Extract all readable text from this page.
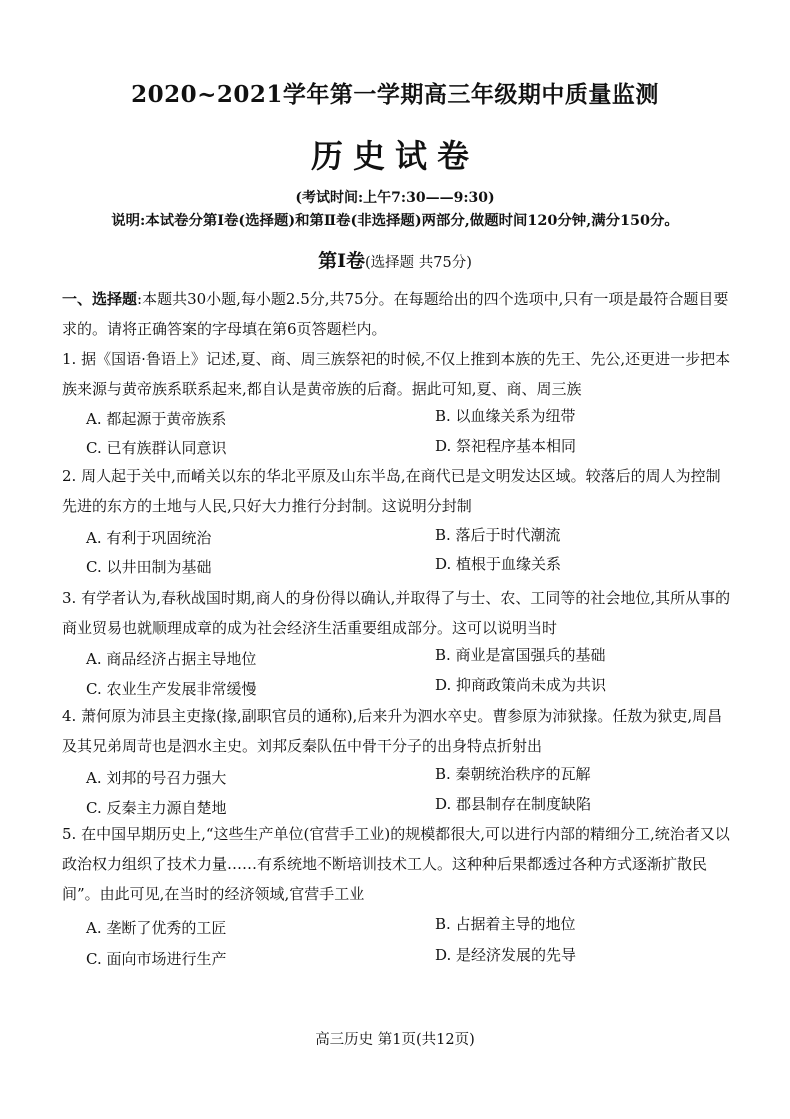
2020~2021学年第一学期高三年级期中质量监测
历史试卷
(考试时间:上午7:30——9:30)
说明:本试卷分第Ⅰ卷(选择题)和第Ⅱ卷(非选择题)两部分,做题时间120分钟,满分150分。
第Ⅰ卷(选择题 共75分)
一、选择题:本题共30小题,每小题2.5分,共75分。在每题给出的四个选项中,只有一项是最符合题目要求的。请将正确答案的字母填在第6页答题栏内。
1. 据《国语·鲁语上》记述,夏、商、周三族祭祀的时候,不仅上推到本族的先王、先公,还更进一步把本族来源与黄帝族系联系起来,都自认是黄帝族的后裔。据此可知,夏、商、周三族
A. 都起源于黄帝族系	B. 以血缘关系为纽带
C. 已有族群认同意识	D. 祭祀程序基本相同
2. 周人起于关中,而崤关以东的华北平原及山东半岛,在商代已是文明发达区域。较落后的周人为控制先进的东方的土地与人民,只好大力推行分封制。这说明分封制
A. 有利于巩固统治	B. 落后于时代潮流
C. 以井田制为基础	D. 植根于血缘关系
3. 有学者认为,春秋战国时期,商人的身份得以确认,并取得了与士、农、工同等的社会地位,其所从事的商业贸易也就顺理成章的成为社会经济生活重要组成部分。这可以说明当时
A. 商品经济占据主导地位	B. 商业是富国强兵的基础
C. 农业生产发展非常缓慢	D. 抑商政策尚未成为共识
4. 萧何原为沛县主吏掾(掾,副职官员的通称),后来升为泗水卒史。曹参原为沛狱掾。任敖为狱吏,周昌及其兄弟周苛也是泗水主史。刘邦反秦队伍中骨干分子的出身特点折射出
A. 刘邦的号召力强大	B. 秦朝统治秩序的瓦解
C. 反秦主力源自楚地	D. 郡县制存在制度缺陷
5. 在中国早期历史上,“这些生产单位(官营手工业)的规模都很大,可以进行内部的精细分工,统治者又以政治权力组织了技术力量……有系统地不断培训技术工人。这种种后果都透过各种方式逐渐扩散民间”。由此可见,在当时的经济领域,官营手工业
A. 垄断了优秀的工匠	B. 占据着主导的地位
C. 面向市场进行生产	D. 是经济发展的先导
高三历史 第1页(共12页)
